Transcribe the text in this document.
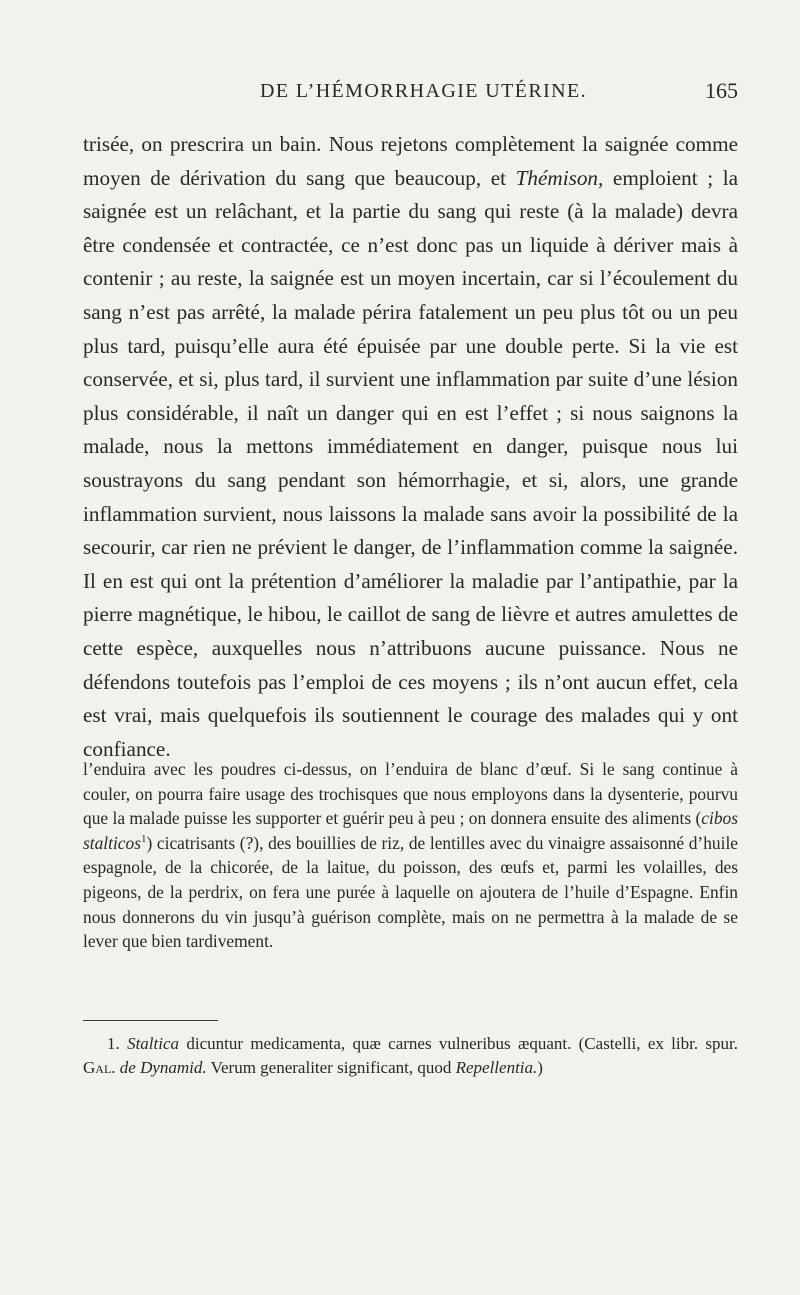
DE L’HÉMORRHAGIE UTÉRINE.	165

trisée, on prescrira un bain. Nous rejetons complètement la saignée comme moyen de dérivation du sang que beaucoup, et Thémison, emploient ; la saignée est un relâchant, et la partie du sang qui reste (à la malade) devra être condensée et contractée, ce n’est donc pas un liquide à dériver mais à contenir ; au reste, la saignée est un moyen incertain, car si l’écoulement du sang n’est pas arrêté, la malade périra fatalement un peu plus tôt ou un peu plus tard, puisqu’elle aura été épuisée par une double perte. Si la vie est conservée, et si, plus tard, il survient une inflammation par suite d’une lésion plus considérable, il naît un danger qui en est l’effet ; si nous saignons la malade, nous la mettons immédiatement en danger, puisque nous lui soustrayons du sang pendant son hémorrhagie, et si, alors, une grande inflammation survient, nous laissons la malade sans avoir la possibilité de la secourir, car rien ne prévient le danger, de l’inflammation comme la saignée. Il en est qui ont la prétention d’améliorer la maladie par l’antipathie, par la pierre magnétique, le hibou, le caillot de sang de lièvre et autres amulettes de cette espèce, auxquelles nous n’attribuons aucune puissance. Nous ne défendons toutefois pas l’emploi de ces moyens ; ils n’ont aucun effet, cela est vrai, mais quelquefois ils soutiennent le courage des malades qui y ont confiance.

l’enduira avec les poudres ci-dessus, on l’enduira de blanc d’œuf. Si le sang continue à couler, on pourra faire usage des trochisques que nous employons dans la dysenterie, pourvu que la malade puisse les supporter et guérir peu à peu ; on donnera ensuite des aliments (cibos stalticos$^1$) cicatrisants (?), des bouillies de riz, de lentilles avec du vinaigre assaisonné d’huile espagnole, de la chicorée, de la laitue, du poisson, des œufs et, parmi les volailles, des pigeons, de la perdrix, on fera une purée à laquelle on ajoutera de l’huile d’Espagne. Enfin nous donnerons du vin jusqu’à guérison complète, mais on ne permettra à la malade de se lever que bien tardivement.

1. Staltica dicuntur medicamenta, quæ carnes vulneribus æquant. (Castelli, ex libr. spur. Gal. de Dynamid. Verum generaliter significant, quod Repellentia.)
